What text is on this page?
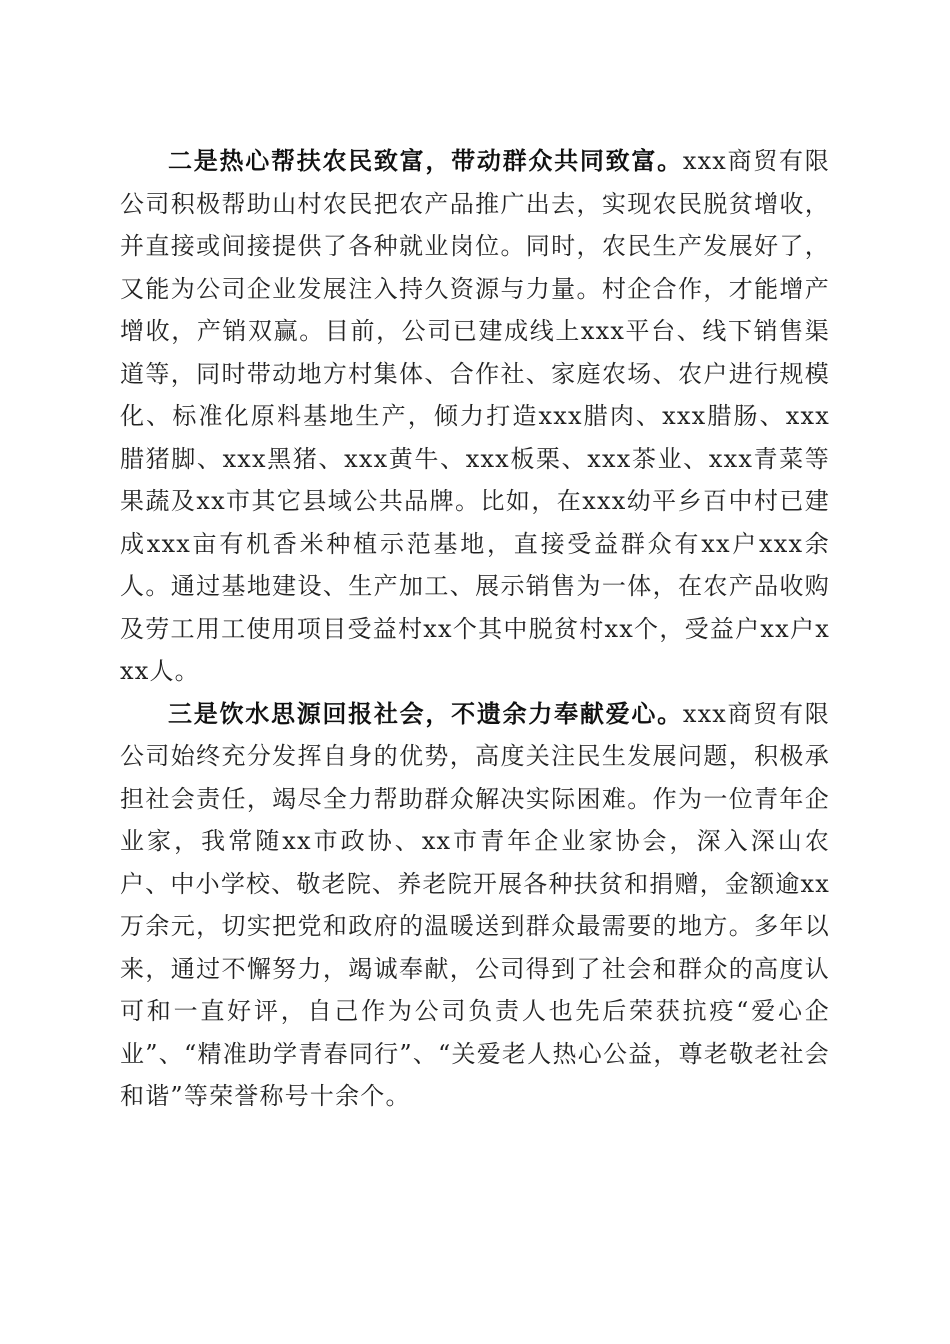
二是热心帮扶农民致富，带动群众共同致富。xxx商贸有限公司积极帮助山村农民把农产品推广出去，实现农民脱贫增收，并直接或间接提供了各种就业岗位。同时，农民生产发展好了，又能为公司企业发展注入持久资源与力量。村企合作，才能增产增收，产销双赢。目前，公司已建成线上xxx平台、线下销售渠道等，同时带动地方村集体、合作社、家庭农场、农户进行规模化、标准化原料基地生产，倾力打造xxx腊肉、xxx腊肠、xxx腊猪脚、xxx黑猪、xxx黄牛、xxx板栗、xxx茶业、xxx青菜等果蔬及xx市其它县域公共品牌。比如，在xxx幼平乡百中村已建成xxx亩有机香米种植示范基地，直接受益群众有xx户xxx余人。通过基地建设、生产加工、展示销售为一体，在农产品收购及劳工用工使用项目受益村xx个其中脱贫村xx个，受益户xx户xxx人。

三是饮水思源回报社会，不遗余力奉献爱心。xxx商贸有限公司始终充分发挥自身的优势，高度关注民生发展问题，积极承担社会责任，竭尽全力帮助群众解决实际困难。作为一位青年企业家，我常随xx市政协、xx市青年企业家协会，深入深山农户、中小学校、敬老院、养老院开展各种扶贫和捐赠，金额逾xx万余元，切实把党和政府的温暖送到群众最需要的地方。多年以来，通过不懈努力，竭诚奉献，公司得到了社会和群众的高度认可和一直好评，自己作为公司负责人也先后荣获抗疫“爱心企业”、“精准助学青春同行”、“关爱老人热心公益，尊老敬老社会和谐”等荣誉称号十余个。
